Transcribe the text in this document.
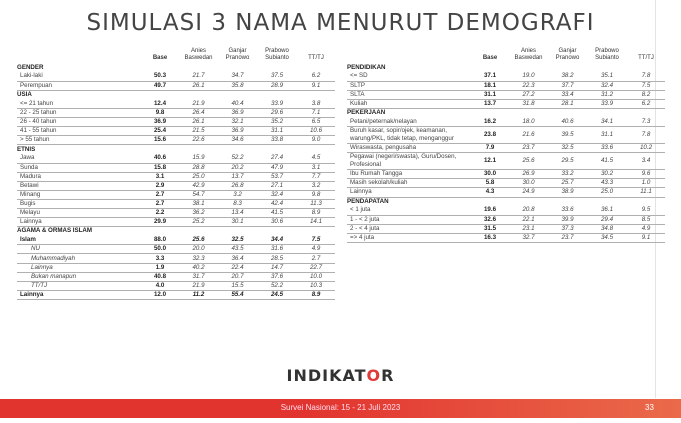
SIMULASI 3 NAMA MENURUT DEMOGRAFI
	Base	Anies Baswedan	Ganjar Pranowo	Prabowo Subianto	TT/TJ
GENDER					
Laki-laki	50.3	21.7	34.7	37.5	6.2
Perempuan	49.7	26.1	35.8	28.9	9.1
USIA					
<= 21 tahun	12.4	21.9	40.4	33.9	3.8
22 - 25 tahun	9.8	26.4	36.9	29.6	7.1
26 - 40 tahun	36.9	26.1	32.1	35.2	6.5
41 - 55 tahun	25.4	21.5	36.9	31.1	10.6
> 55 tahun	15.6	22.6	34.6	33.8	9.0
ETNIS					
Jawa	40.6	15.9	52.2	27.4	4.5
Sunda	15.8	28.8	20.2	47.9	3.1
Madura	3.1	25.0	13.7	53.7	7.7
Betawi	2.9	42.9	26.8	27.1	3.2
Minang	2.7	54.7	3.2	32.4	9.8
Bugis	2.7	38.1	8.3	42.4	11.3
Melayu	2.2	36.2	13.4	41.5	8.9
Lainnya	29.9	25.2	30.1	30.6	14.1
AGAMA & ORMAS ISLAM					
Islam	88.0	25.6	32.5	34.4	7.5
NU	50.0	20.0	43.5	31.6	4.9
Muhammadiyah	3.3	32.3	36.4	28.5	2.7
Lainnya	1.9	40.2	22.4	14.7	22.7
Bukan manapun	40.8	31.7	20.7	37.6	10.0
TT/TJ	4.0	21.9	15.5	52.2	10.3
Lainnya	12.0	11.2	55.4	24.5	8.9
	Base	Anies Baswedan	Ganjar Pranowo	Prabowo Subianto	TT/TJ
PENDIDIKAN					
<= SD	37.1	19.0	38.2	35.1	7.8
SLTP	18.1	22.3	37.7	32.4	7.5
SLTA	31.1	27.2	33.4	31.2	8.2
Kuliah	13.7	31.8	28.1	33.9	6.2
PEKERJAAN					
Petani/peternak/nelayan	16.2	18.0	40.6	34.1	7.3
Buruh kasar, sopir/ojek, keamanan, warung/PKL, tidak tetap, menganggur	23.8	21.6	39.5	31.1	7.8
Wiraswasta, pengusaha	7.9	23.7	32.5	33.6	10.2
Pegawai (negeri/swasta), Guru/Dosen, Profesional	12.1	25.6	29.5	41.5	3.4
Ibu Rumah Tangga	30.0	26.9	33.2	30.2	9.6
Masih sekolah/kuliah	5.8	30.0	25.7	43.3	1.0
Lainnya	4.3	24.9	38.9	25.0	11.1
PENDAPATAN					
< 1 juta	19.6	20.8	33.6	36.1	9.5
1 - < 2 juta	32.6	22.1	39.9	29.4	8.5
2 - < 4 juta	31.5	23.1	37.3	34.8	4.9
=> 4 juta	16.3	32.7	23.7	34.5	9.1
INDIKATOR
Survei Nasional: 15 - 21 Juli 2023	33
